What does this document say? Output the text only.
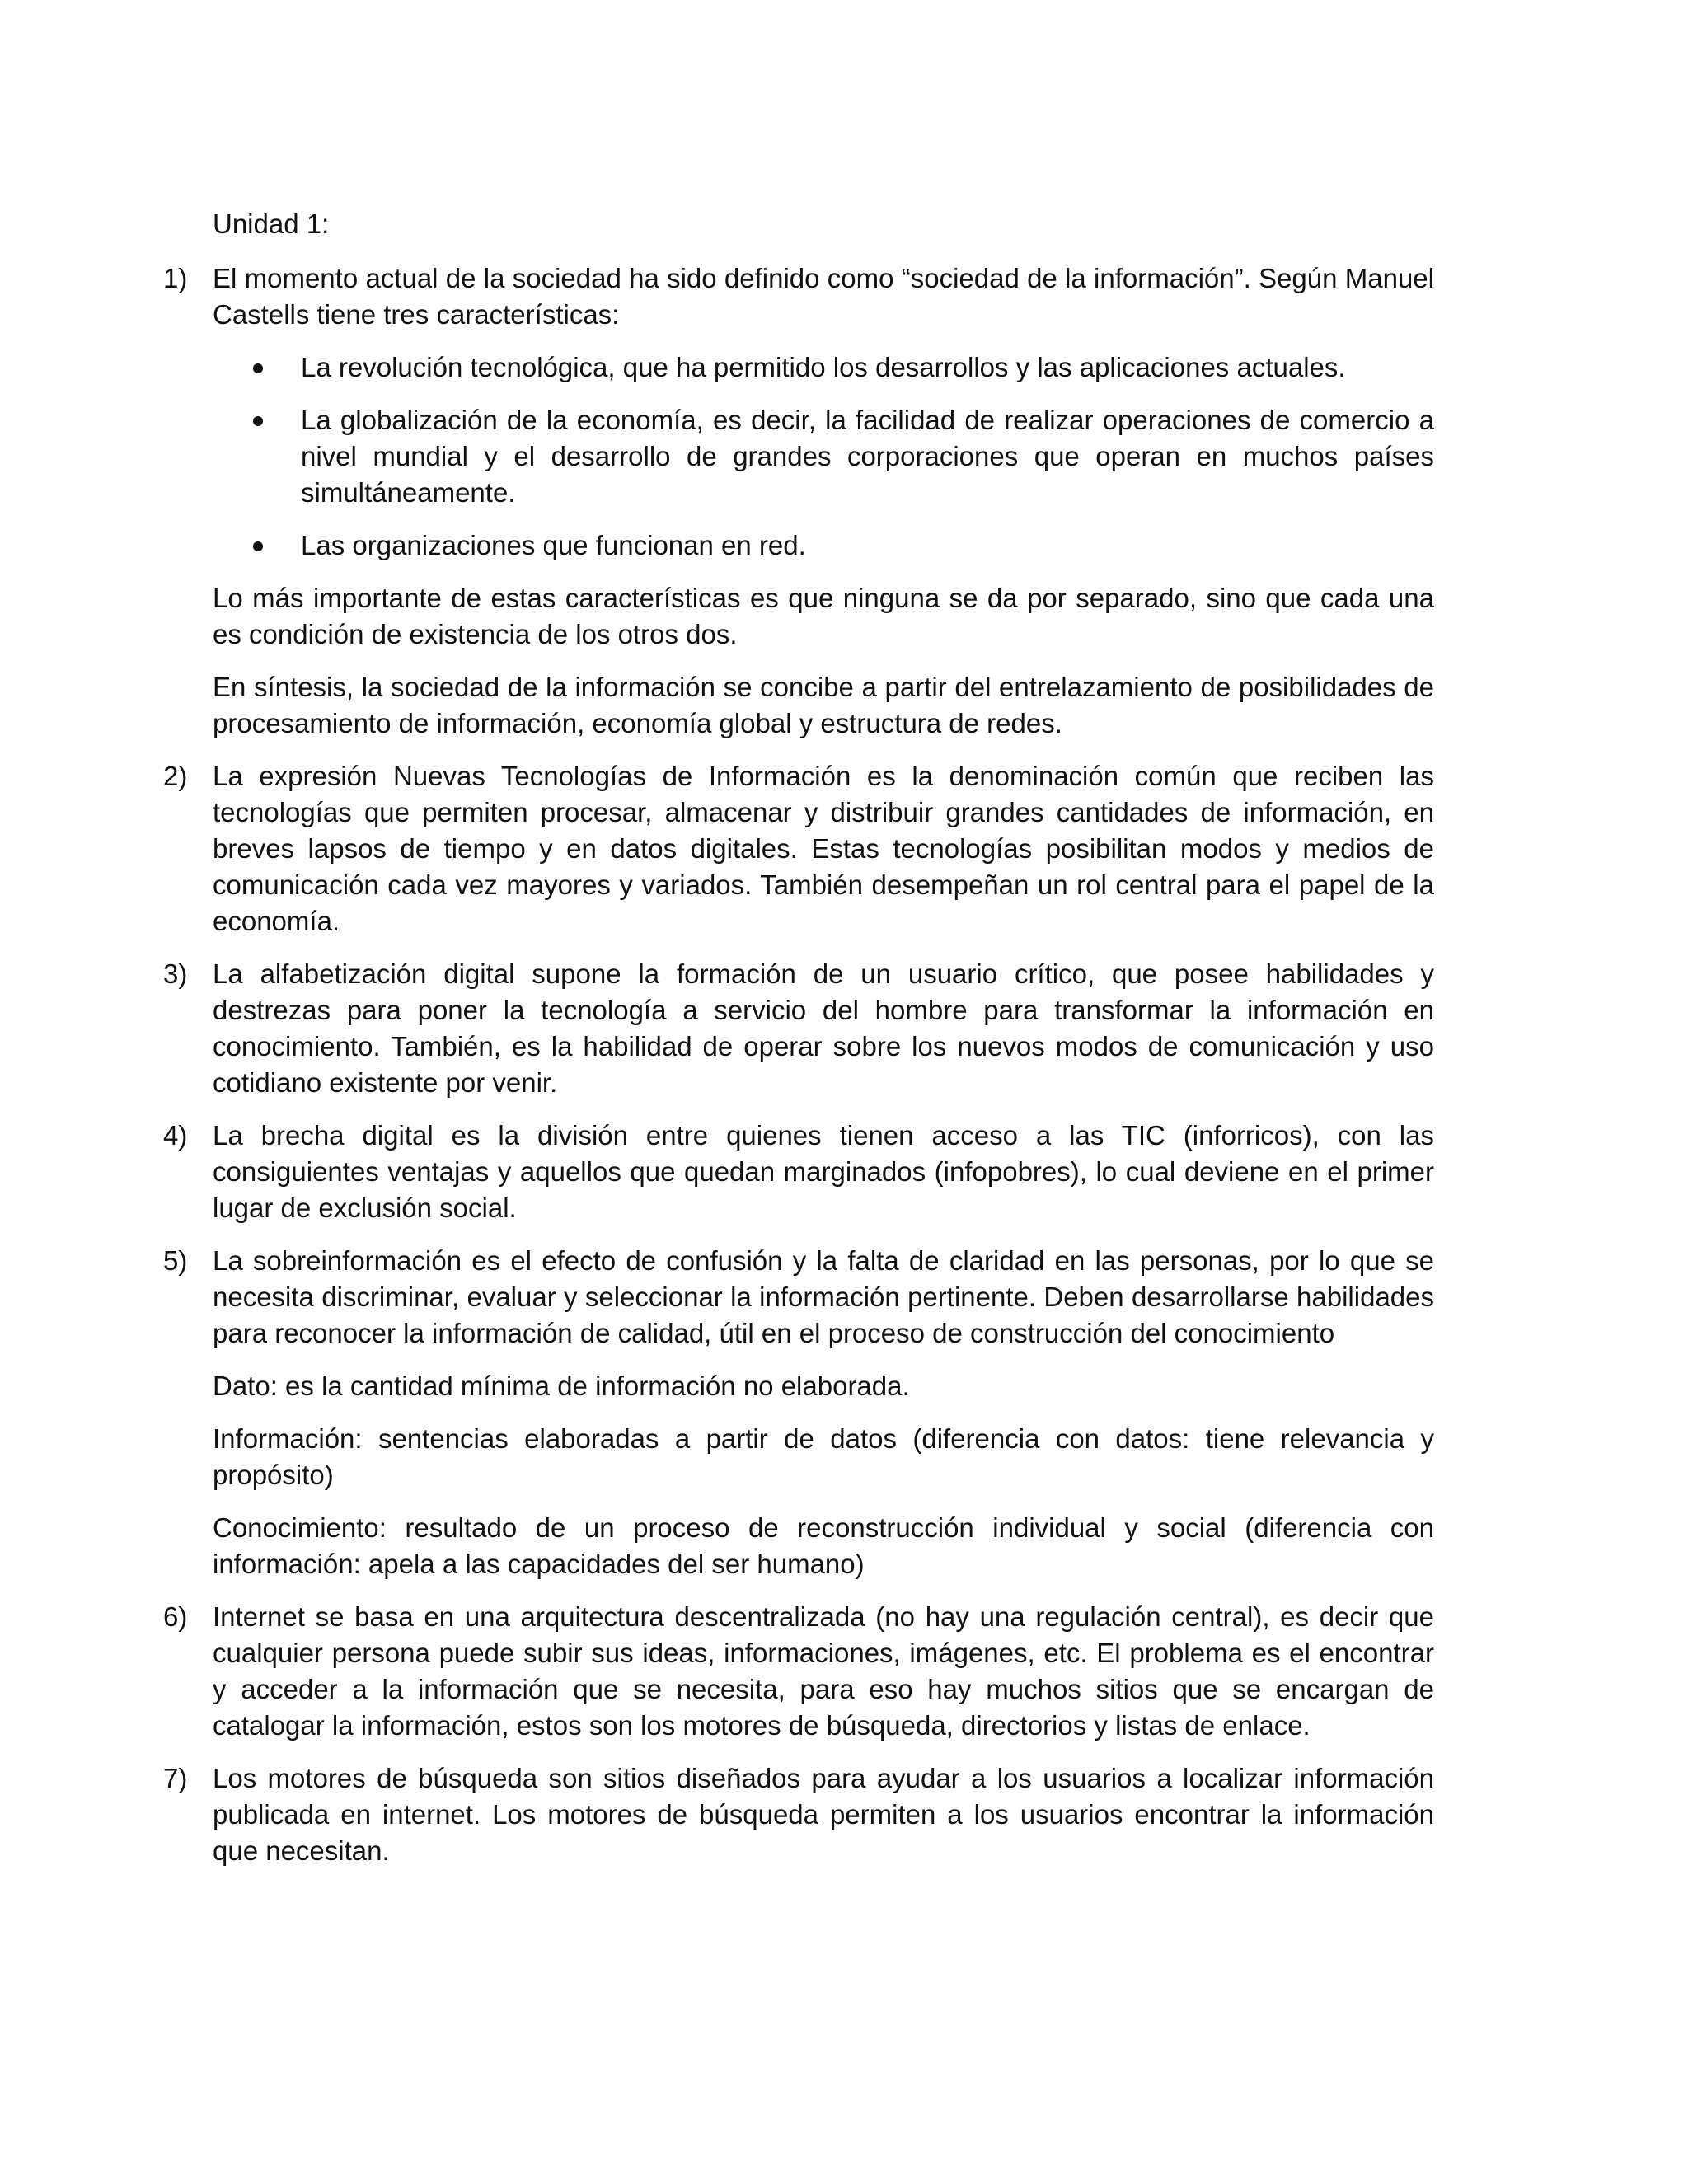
Unidad 1:
1) El momento actual de la sociedad ha sido definido como “sociedad de la información”. Según Manuel Castells tiene tres características:
La revolución tecnológica, que ha permitido los desarrollos y las aplicaciones actuales.
La globalización de la economía, es decir, la facilidad de realizar operaciones de comercio a nivel mundial y el desarrollo de grandes corporaciones que operan en muchos países simultáneamente.
Las organizaciones que funcionan en red.
Lo más importante de estas características es que ninguna se da por separado, sino que cada una es condición de existencia de los otros dos.
En síntesis, la sociedad de la información se concibe a partir del entrelazamiento de posibilidades de procesamiento de información, economía global y estructura de redes.
2) La expresión Nuevas Tecnologías de Información es la denominación común que reciben las tecnologías que permiten procesar, almacenar y distribuir grandes cantidades de información, en breves lapsos de tiempo y en datos digitales. Estas tecnologías posibilitan modos y medios de comunicación cada vez mayores y variados. También desempeñan un rol central para el papel de la economía.
3) La alfabetización digital supone la formación de un usuario crítico, que posee habilidades y destrezas para poner la tecnología a servicio del hombre para transformar la información en conocimiento. También, es la habilidad de operar sobre los nuevos modos de comunicación y uso cotidiano existente por venir.
4) La brecha digital es la división entre quienes tienen acceso a las TIC (inforricos), con las consiguientes ventajas y aquellos que quedan marginados (infopobres), lo cual deviene en el primer lugar de exclusión social.
5) La sobreinformación es el efecto de confusión y la falta de claridad en las personas, por lo que se necesita discriminar, evaluar y seleccionar la información pertinente. Deben desarrollarse habilidades para reconocer la información de calidad, útil en el proceso de construcción del conocimiento
Dato: es la cantidad mínima de información no elaborada.
Información: sentencias elaboradas a partir de datos (diferencia con datos: tiene relevancia y propósito)
Conocimiento: resultado de un proceso de reconstrucción individual y social (diferencia con información: apela a las capacidades del ser humano)
6) Internet se basa en una arquitectura descentralizada (no hay una regulación central), es decir que cualquier persona puede subir sus ideas, informaciones, imágenes, etc. El problema es el encontrar y acceder a la información que se necesita, para eso hay muchos sitios que se encargan de catalogar la información, estos son los motores de búsqueda, directorios y listas de enlace.
7) Los motores de búsqueda son sitios diseñados para ayudar a los usuarios a localizar información publicada en internet. Los motores de búsqueda permiten a los usuarios encontrar la información que necesitan.
